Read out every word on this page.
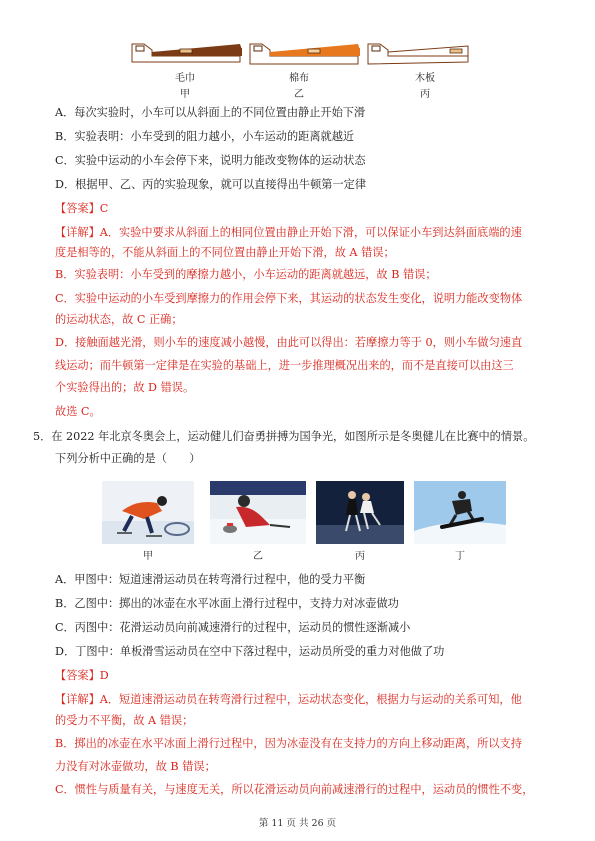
毛巾	棉布	木板
甲	乙	丙
A．每次实验时，小车可以从斜面上的不同位置由静止开始下滑
B．实验表明：小车受到的阻力越小，小车运动的距离就越近
C．实验中运动的小车会停下来，说明力能改变物体的运动状态
D．根据甲、乙、丙的实验现象，就可以直接得出牛顿第一定律
【答案】C
【详解】A．实验中要求从斜面上的相同位置由静止开始下滑，可以保证小车到达斜面底端的速
度是相等的，不能从斜面上的不同位置由静止开始下滑，故 A 错误；
B．实验表明：小车受到的摩擦力越小，小车运动的距离就越远，故 B 错误；
C．实验中运动的小车受到摩擦力的作用会停下来，其运动的状态发生变化，说明力能改变物体
的运动状态，故 C 正确；
D．接触面越光滑，则小车的速度减小越慢，由此可以得出：若摩擦力等于 0，则小车做匀速直
线运动；而牛顿第一定律是在实验的基础上，进一步推理概况出来的，而不是直接可以由这三
个实验得出的；故 D 错误。
故选 C。
5．在 2022 年北京冬奥会上，运动健儿们奋勇拼搏为国争光，如图所示是冬奥健儿在比赛中的情景。
下列分析中正确的是（　　）
甲	乙	丙	丁
A．甲图中：短道速滑运动员在转弯滑行过程中，他的受力平衡
B．乙图中：掷出的冰壶在水平冰面上滑行过程中，支持力对冰壶做功
C．丙图中：花滑运动员向前减速滑行的过程中，运动员的惯性逐渐减小
D．丁图中：单板滑雪运动员在空中下落过程中，运动员所受的重力对他做了功
【答案】D
【详解】A．短道速滑运动员在转弯滑行过程中，运动状态变化，根据力与运动的关系可知，他
的受力不平衡，故 A 错误；
B．掷出的冰壶在水平冰面上滑行过程中，因为冰壶没有在支持力的方向上移动距离，所以支持
力没有对冰壶做功，故 B 错误；
C．惯性与质量有关，与速度无关，所以花滑运动员向前减速滑行的过程中，运动员的惯性不变，
第 11 页 共 26 页
